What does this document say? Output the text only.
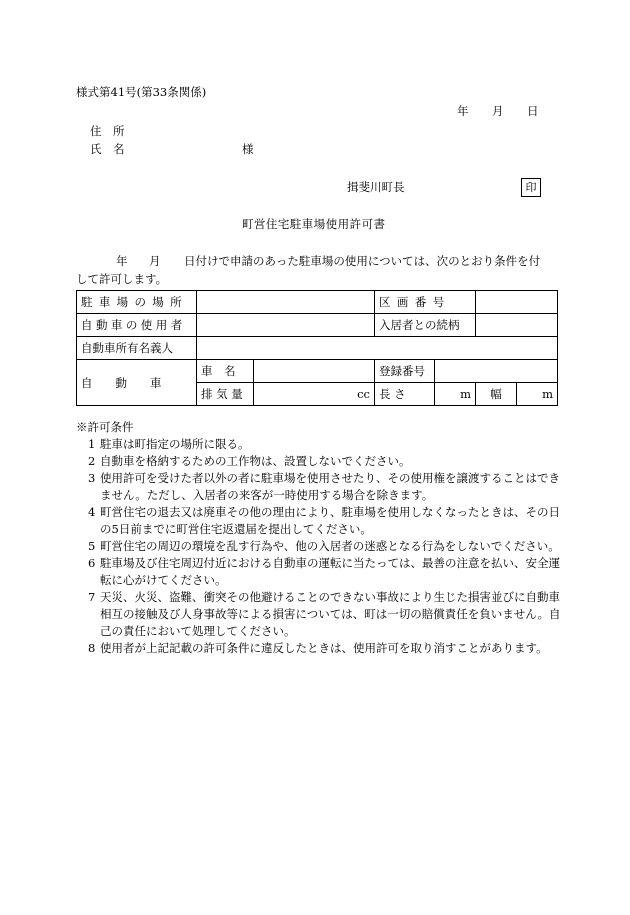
様式第41号(第33条関係)
年 月 日
住　所
氏　名	様
揖斐川町長	印
町営住宅駐車場使用許可書
年 月 日付けで申請のあった駐車場の使用については、次のとおり条件を付
して許可します。
駐車場の場所			区 画 番 号			
自動車の使用者			入居者との続柄			
自動車所有名義人						
自　　動　　車	車　名		登録番号			
	排 気 量	cc	長 さ	m	幅	m
※許可条件
1 駐車は町指定の場所に限る。
2 自動車を格納するための工作物は、設置しないでください。
3 使用許可を受けた者以外の者に駐車場を使用させたり、その使用権を譲渡することはできません。ただし、入居者の来客が一時使用する場合を除きます。
4 町営住宅の退去又は廃車その他の理由により、駐車場を使用しなくなったときは、その日の5日前までに町営住宅返還届を提出してください。
5 町営住宅の周辺の環境を乱す行為や、他の入居者の迷惑となる行為をしないでください。
6 駐車場及び住宅周辺付近における自動車の運転に当たっては、最善の注意を払い、安全運転に心がけてください。
7 天災、火災、盗難、衝突その他避けることのできない事故により生じた損害並びに自動車相互の接触及び人身事故等による損害については、町は一切の賠償責任を負いません。自己の責任において処理してください。
8 使用者が上記記載の許可条件に違反したときは、使用許可を取り消すことがあります。
